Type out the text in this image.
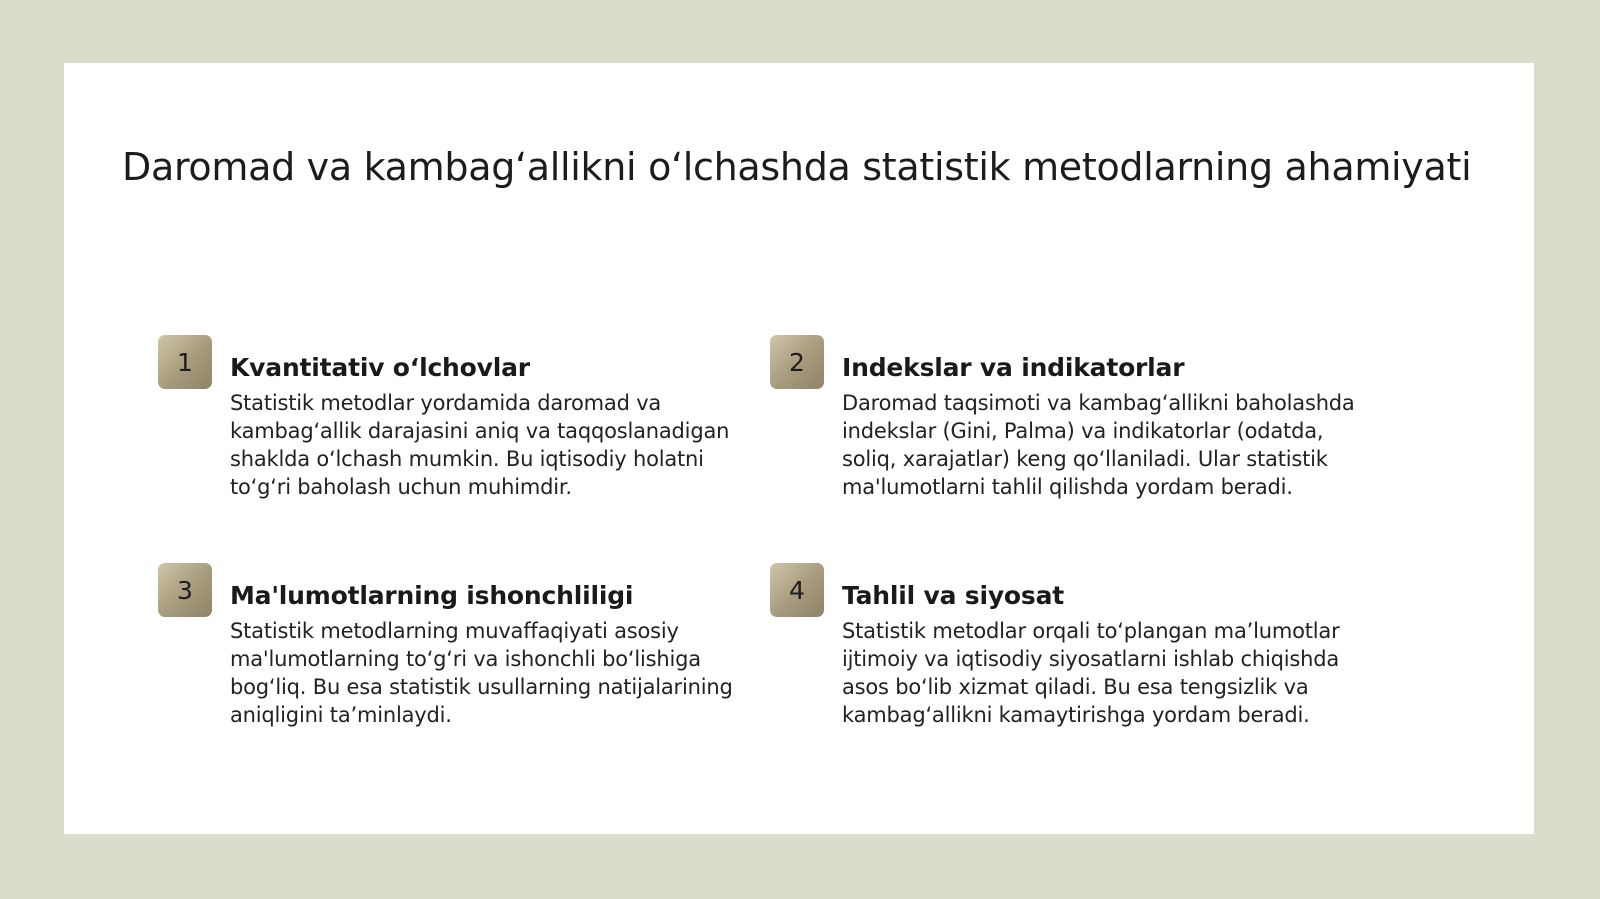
Daromad va kambag‘allikni o‘lchashda statistik metodlarning ahamiyati
1	Kvantitativ o‘lchovlar

Statistik metodlar yordamida daromad va kambag‘allik darajasini aniq va taqqoslanadigan shaklda o‘lchash mumkin. Bu iqtisodiy holatni to‘g‘ri baholash uchun muhimdir.

2	Indekslar va indikatorlar

Daromad taqsimoti va kambag‘allikni baholashda indekslar (Gini, Palma) va indikatorlar (odatda, soliq, xarajatlar) keng qo‘llaniladi. Ular statistik ma'lumotlarni tahlil qilishda yordam beradi.

3	Ma'lumotlarning ishonchliligi

Statistik metodlarning muvaffaqiyati asosiy ma'lumotlarning to‘g‘ri va ishonchli bo‘lishiga bog‘liq. Bu esa statistik usullarning natijalarining aniqligini ta’minlaydi.

4	Tahlil va siyosat

Statistik metodlar orqali to‘plangan ma’lumotlar ijtimoiy va iqtisodiy siyosatlarni ishlab chiqishda asos bo‘lib xizmat qiladi. Bu esa tengsizlik va kambag‘allikni kamaytirishga yordam beradi.
